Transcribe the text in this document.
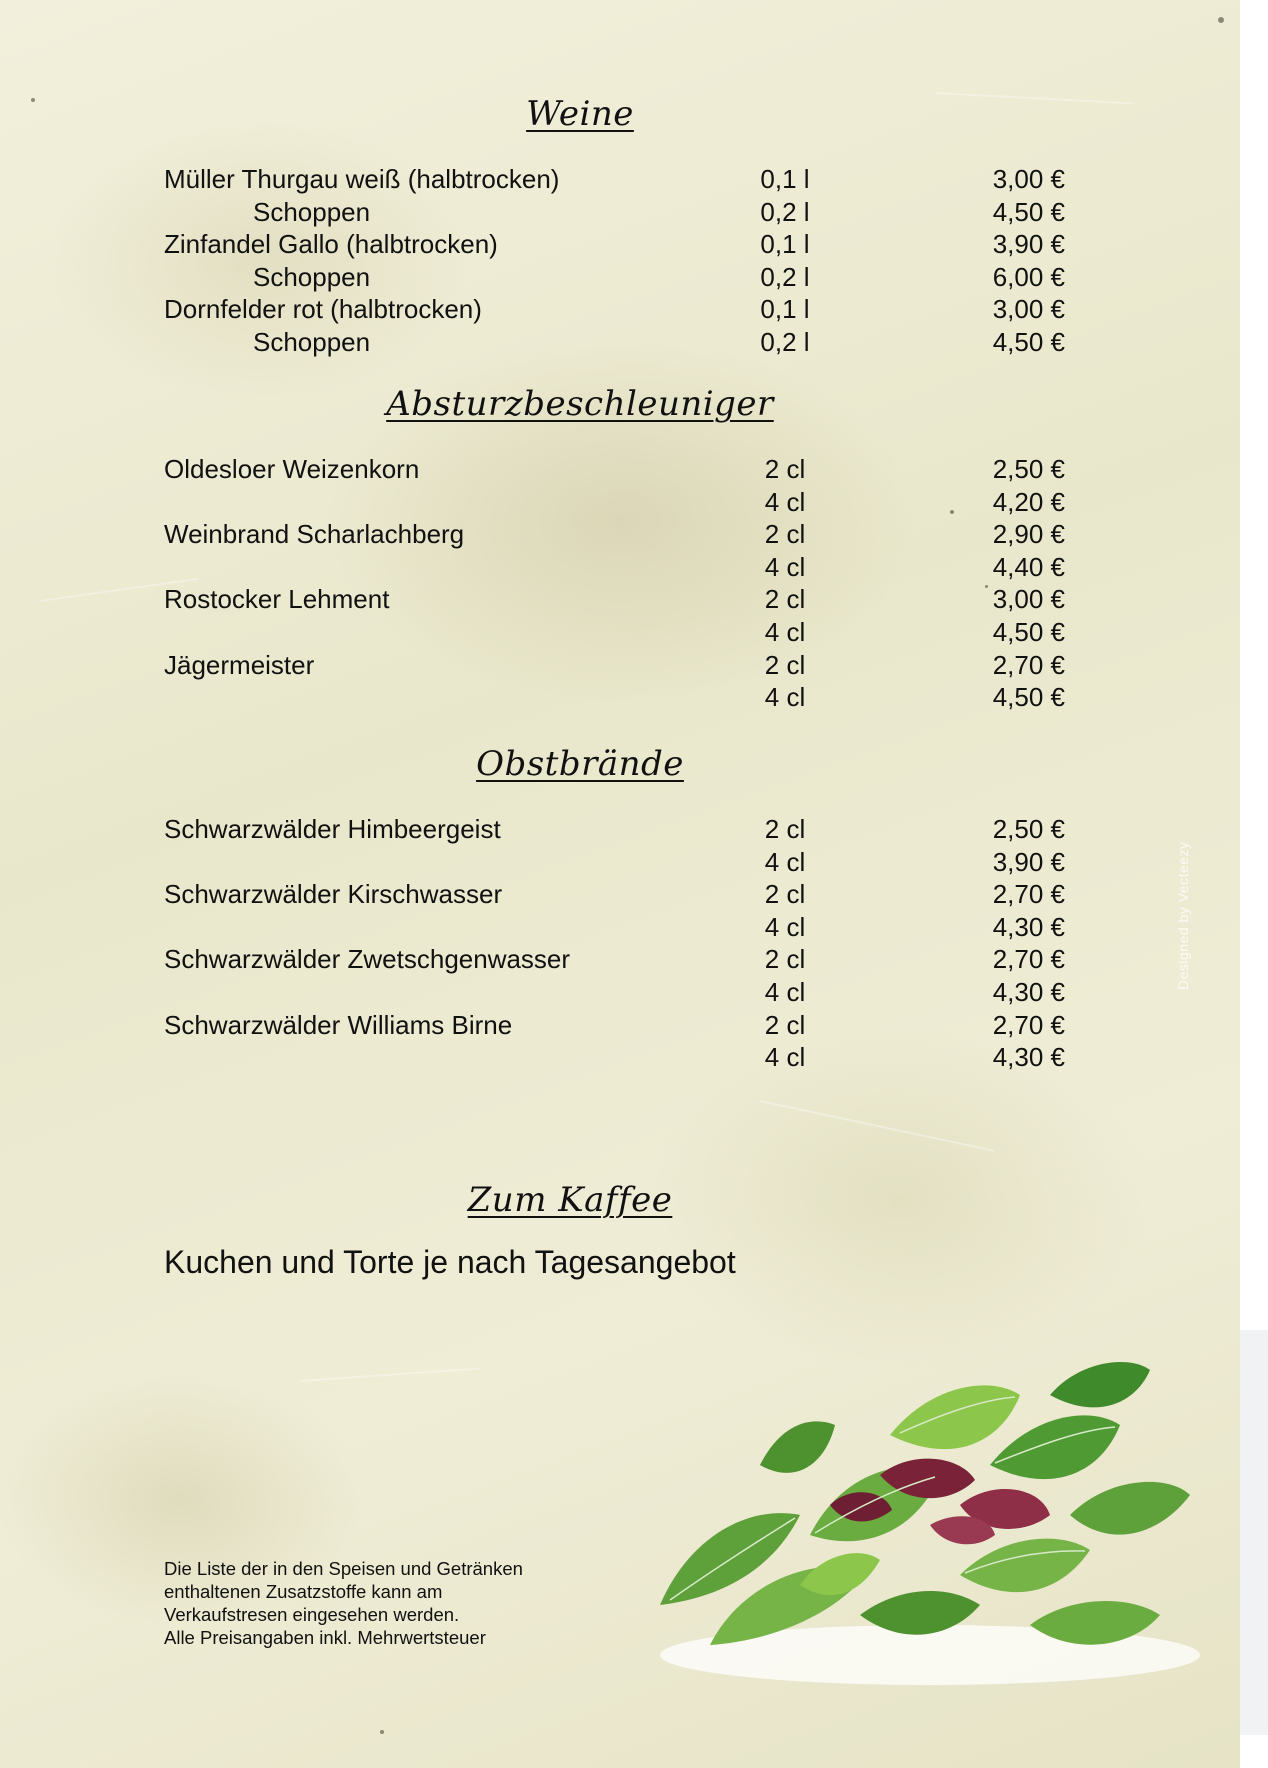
Weine
Müller Thurgau weiß (halbtrocken)	0,1 l	3,00 €
Schoppen	0,2 l	4,50 €
Zinfandel Gallo (halbtrocken)	0,1 l	3,90 €
Schoppen	0,2 l	6,00 €
Dornfelder rot (halbtrocken)	0,1 l	3,00 €
Schoppen	0,2 l	4,50 €
Absturzbeschleuniger
Oldesloer Weizenkorn	2 cl	2,50 €
4 cl	4,20 €
Weinbrand Scharlachberg	2 cl	2,90 €
4 cl	4,40 €
Rostocker Lehment	2 cl	3,00 €
4 cl	4,50 €
Jägermeister	2 cl	2,70 €
4 cl	4,50 €
Obstbrände
Schwarzwälder Himbeergeist	2 cl	2,50 €
4 cl	3,90 €
Schwarzwälder Kirschwasser	2 cl	2,70 €
4 cl	4,30 €
Schwarzwälder Zwetschgenwasser	2 cl	2,70 €
4 cl	4,30 €
Schwarzwälder Williams Birne	2 cl	2,70 €
4 cl	4,30 €
Zum Kaffee
Kuchen und Torte je nach Tagesangebot
Die Liste der in den Speisen und Getränken
enthaltenen Zusatzstoffe kann am
Verkaufstresen eingesehen werden.
Alle Preisangaben inkl. Mehrwertsteuer
Designed by Vecteezy
